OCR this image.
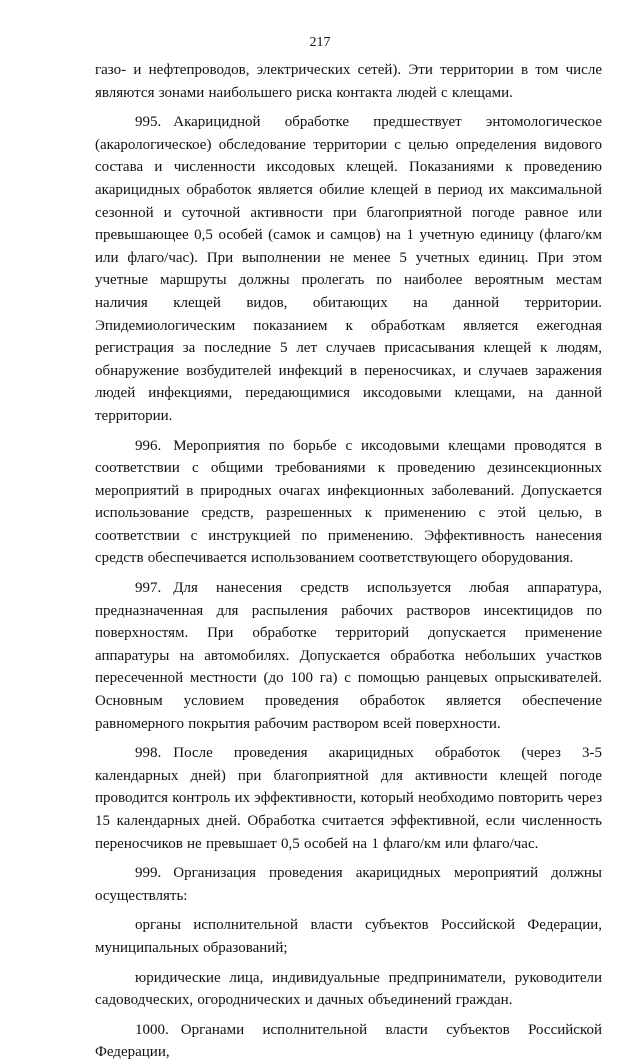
217

газо- и нефтепроводов, электрических сетей). Эти территории в том числе являются зонами наибольшего риска контакта людей с клещами.

995. Акарицидной обработке предшествует энтомологическое (акарологическое) обследование территории с целью определения видового состава и численности иксодовых клещей. Показаниями к проведению акарицидных обработок является обилие клещей в период их максимальной сезонной и суточной активности при благоприятной погоде равное или превышающее 0,5 особей (самок и самцов) на 1 учетную единицу (флаго/км или флаго/час). При выполнении не менее 5 учетных единиц. При этом учетные маршруты должны пролегать по наиболее вероятным местам наличия клещей видов, обитающих на данной территории. Эпидемиологическим показанием к обработкам является ежегодная регистрация за последние 5 лет случаев присасывания клещей к людям, обнаружение возбудителей инфекций в переносчиках, и случаев заражения людей инфекциями, передающимися иксодовыми клещами, на данной территории.

996. Мероприятия по борьбе с иксодовыми клещами проводятся в соответствии с общими требованиями к проведению дезинсекционных мероприятий в природных очагах инфекционных заболеваний. Допускается использование средств, разрешенных к применению с этой целью, в соответствии с инструкцией по применению. Эффективность нанесения средств обеспечивается использованием соответствующего оборудования.

997. Для нанесения средств используется любая аппаратура, предназначенная для распыления рабочих растворов инсектицидов по поверхностям. При обработке территорий допускается применение аппаратуры на автомобилях. Допускается обработка небольших участков пересеченной местности (до 100 га) с помощью ранцевых опрыскивателей. Основным условием проведения обработок является обеспечение равномерного покрытия рабочим раствором всей поверхности.

998. После проведения акарицидных обработок (через 3-5 календарных дней) при благоприятной для активности клещей погоде проводится контроль их эффективности, который необходимо повторить через 15 календарных дней. Обработка считается эффективной, если численность переносчиков не превышает 0,5 особей на 1 флаго/км или флаго/час.

999. Организация проведения акарицидных мероприятий должны осуществлять:

органы исполнительной власти субъектов Российской Федерации, муниципальных образований;

юридические лица, индивидуальные предприниматели, руководители садоводческих, огороднических и дачных объединений граждан.

1000. Органами исполнительной власти субъектов Российской Федерации,
